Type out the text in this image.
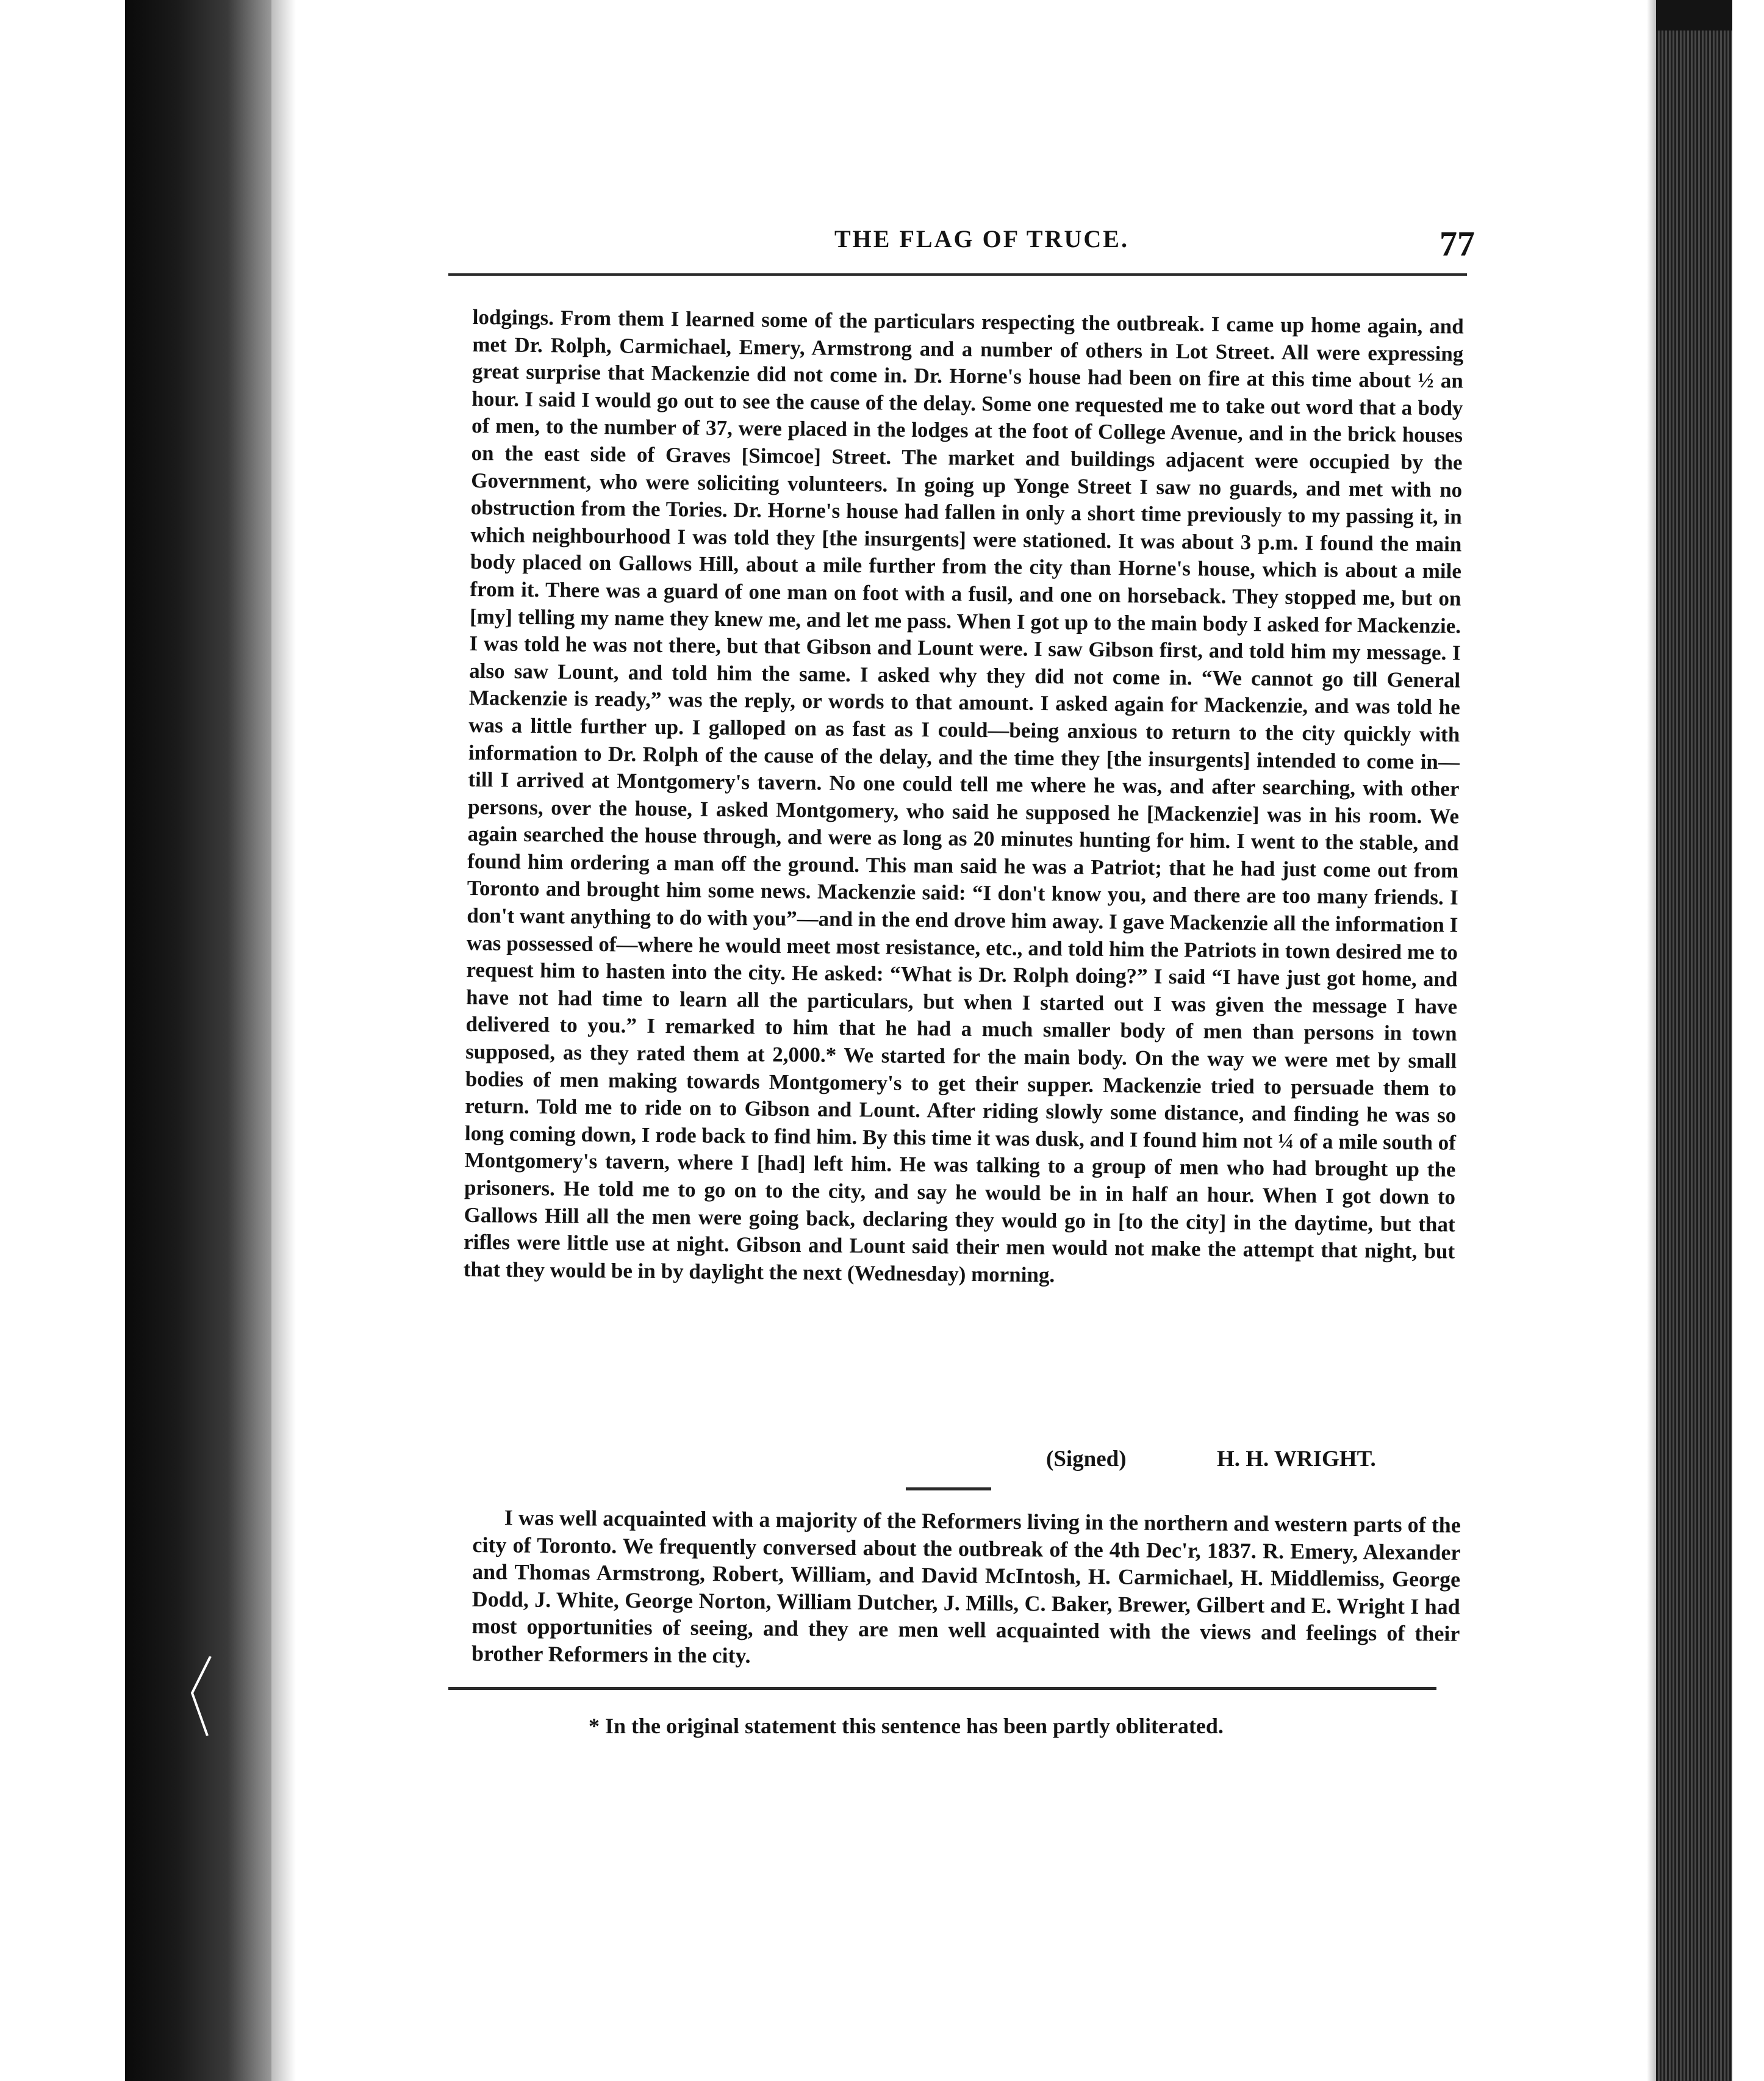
THE FLAG OF TRUCE.	77
lodgings. From them I learned some of the particulars respecting the outbreak. I came up home again, and met Dr. Rolph, Carmichael, Emery, Armstrong and a number of others in Lot Street. All were expressing great surprise that Mackenzie did not come in. Dr. Horne's house had been on fire at this time about ½ an hour. I said I would go out to see the cause of the delay. Some one requested me to take out word that a body of men, to the number of 37, were placed in the lodges at the foot of College Avenue, and in the brick houses on the east side of Graves [Simcoe] Street. The market and buildings adjacent were occupied by the Government, who were soliciting volunteers. In going up Yonge Street I saw no guards, and met with no obstruction from the Tories. Dr. Horne's house had fallen in only a short time previously to my passing it, in which neighbourhood I was told they [the insurgents] were stationed. It was about 3 p.m. I found the main body placed on Gallows Hill, about a mile further from the city than Horne's house, which is about a mile from it. There was a guard of one man on foot with a fusil, and one on horseback. They stopped me, but on [my] telling my name they knew me, and let me pass. When I got up to the main body I asked for Mackenzie. I was told he was not there, but that Gibson and Lount were. I saw Gibson first, and told him my message. I also saw Lount, and told him the same. I asked why they did not come in. “We cannot go till General Mackenzie is ready,” was the reply, or words to that amount. I asked again for Mackenzie, and was told he was a little further up. I galloped on as fast as I could—being anxious to return to the city quickly with information to Dr. Rolph of the cause of the delay, and the time they [the insurgents] intended to come in—till I arrived at Montgomery's tavern. No one could tell me where he was, and after searching, with other persons, over the house, I asked Montgomery, who said he supposed he [Mackenzie] was in his room. We again searched the house through, and were as long as 20 minutes hunting for him. I went to the stable, and found him ordering a man off the ground. This man said he was a Patriot; that he had just come out from Toronto and brought him some news. Mackenzie said: “I don't know you, and there are too many friends. I don't want anything to do with you”—and in the end drove him away. I gave Mackenzie all the information I was possessed of—where he would meet most resistance, etc., and told him the Patriots in town desired me to request him to hasten into the city. He asked: “What is Dr. Rolph doing?” I said “I have just got home, and have not had time to learn all the particulars, but when I started out I was given the message I have delivered to you.” I remarked to him that he had a much smaller body of men than persons in town supposed, as they rated them at 2,000.* We started for the main body. On the way we were met by small bodies of men making towards Montgomery's to get their supper. Mackenzie tried to persuade them to return. Told me to ride on to Gibson and Lount. After riding slowly some distance, and finding he was so long coming down, I rode back to find him. By this time it was dusk, and I found him not ¼ of a mile south of Montgomery's tavern, where I [had] left him. He was talking to a group of men who had brought up the prisoners. He told me to go on to the city, and say he would be in in half an hour. When I got down to Gallows Hill all the men were going back, declaring they would go in [to the city] in the daytime, but that rifles were little use at night. Gibson and Lount said their men would not make the attempt that night, but that they would be in by daylight the next (Wednesday) morning.
(Signed)	H. H. WRIGHT.
I was well acquainted with a majority of the Reformers living in the northern and western parts of the city of Toronto. We frequently conversed about the outbreak of the 4th Dec'r, 1837. R. Emery, Alexander and Thomas Armstrong, Robert, William, and David McIntosh, H. Carmichael, H. Middlemiss, George Dodd, J. White, George Norton, William Dutcher, J. Mills, C. Baker, Brewer, Gilbert and E. Wright I had most opportunities of seeing, and they are men well acquainted with the views and feelings of their brother Reformers in the city.
* In the original statement this sentence has been partly obliterated.
